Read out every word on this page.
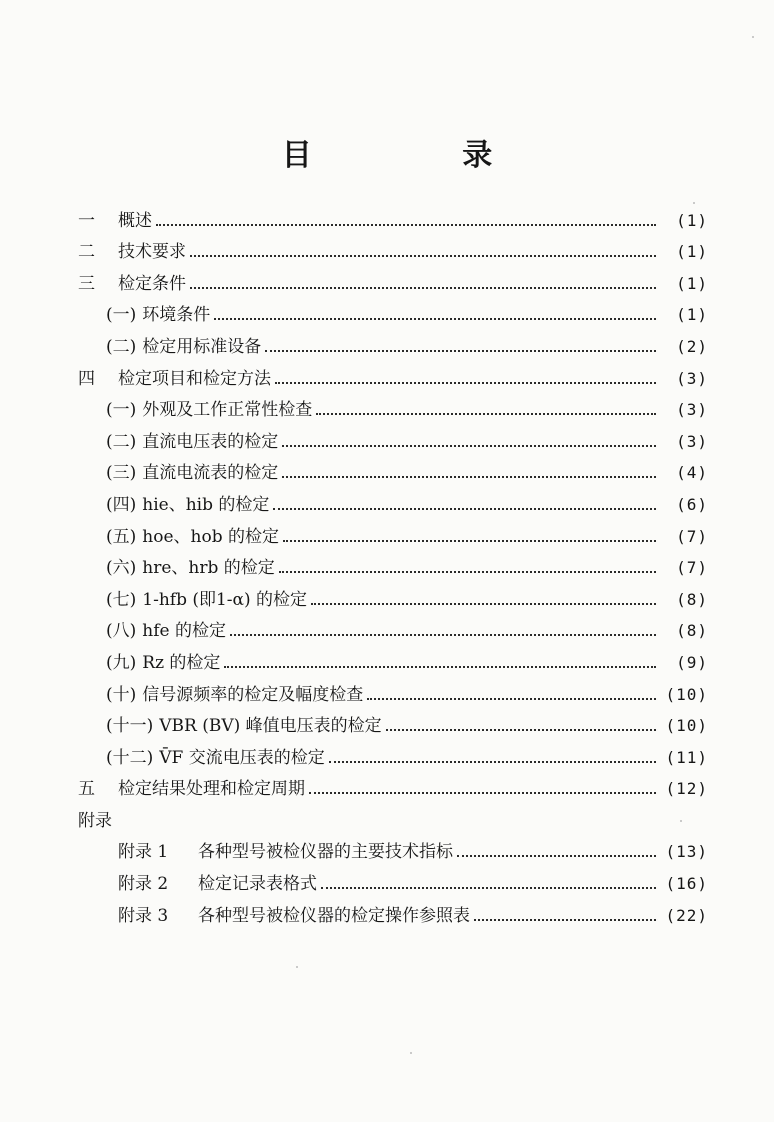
目 录
一	概述	(1)
二	技术要求	(1)
三	检定条件	(1)
(一) 环境条件	(1)
(二) 检定用标准设备	(2)
四	检定项目和检定方法	(3)
(一) 外观及工作正常性检查	(3)
(二) 直流电压表的检定	(3)
(三) 直流电流表的检定	(4)
(四) hie、hib 的检定	(6)
(五) hoe、hob 的检定	(7)
(六) hre、hrb 的检定	(7)
(七) 1-hfb (即1-α) 的检定	(8)
(八) hfe 的检定	(8)
(九) Rz 的检定	(9)
(十) 信号源频率的检定及幅度检查	(10)
(十一) VBR (BV) 峰值电压表的检定	(10)
(十二) V̄F 交流电压表的检定	(11)
五	检定结果处理和检定周期	(12)
附录
附录 1	各种型号被检仪器的主要技术指标	(13)
附录 2	检定记录表格式	(16)
附录 3	各种型号被检仪器的检定操作参照表	(22)
